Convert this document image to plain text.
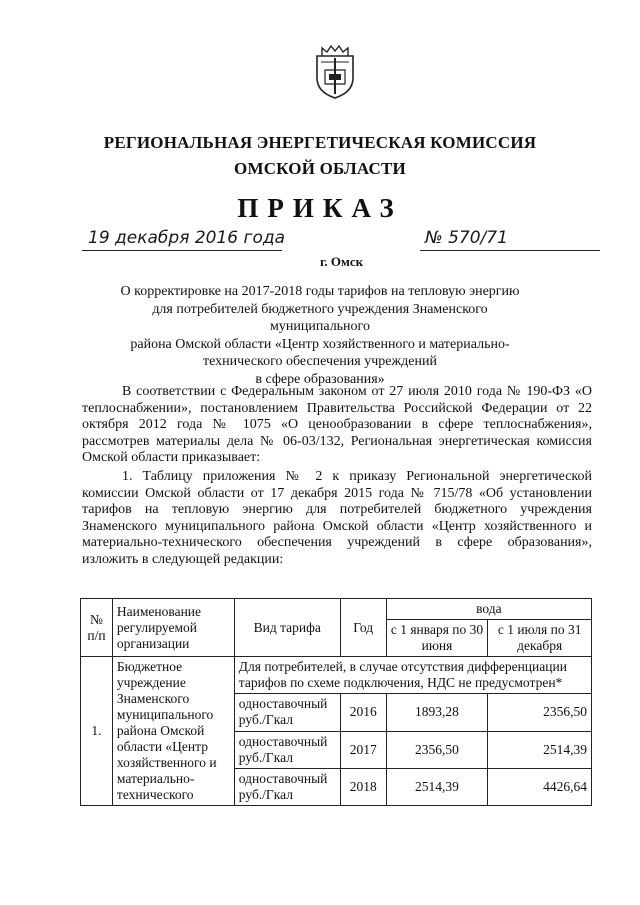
РЕГИОНАЛЬНАЯ ЭНЕРГЕТИЧЕСКАЯ КОМИССИЯ
ОМСКОЙ ОБЛАСТИ
ПРИКАЗ
19 декабря 2016 года	№ 570/71
г. Омск
О корректировке на 2017-2018 годы тарифов на тепловую энергию
для потребителей бюджетного учреждения Знаменского муниципального
района Омской области «Центр хозяйственного и материально-
технического обеспечения учреждений
в сфере образования»

В соответствии с Федеральным законом от 27 июля 2010 года № 190-ФЗ «О теплоснабжении», постановлением Правительства Российской Федерации от 22 октября 2012 года № 1075 «О ценообразовании в сфере теплоснабжения», рассмотрев материалы дела № 06-03/132, Региональная энергетическая комиссия Омской области приказывает:

1. Таблицу приложения № 2 к приказу Региональной энергетической комиссии Омской области от 17 декабря 2015 года № 715/78 «Об установлении тарифов на тепловую энергию для потребителей бюджетного учреждения Знаменского муниципального района Омской области «Центр хозяйственного и материально-технического обеспечения учреждений в сфере образования», изложить в следующей редакции:

№ п/п	Наименование регулируемой организации	Вид тарифа	Год	вода	
				с 1 января по 30 июня	с 1 июля по 31 декабря
1.	Бюджетное учреждение Знаменского муниципального района Омской области «Центр хозяйственного и материально-технического	Для потребителей, в случае отсутствия дифференциации тарифов по схеме подключения, НДС не предусмотрен*			
		одноставочный руб./Гкал	2016	1893,28	2356,50
		одноставочный руб./Гкал	2017	2356,50	2514,39
		одноставочный руб./Гкал	2018	2514,39	4426,64
